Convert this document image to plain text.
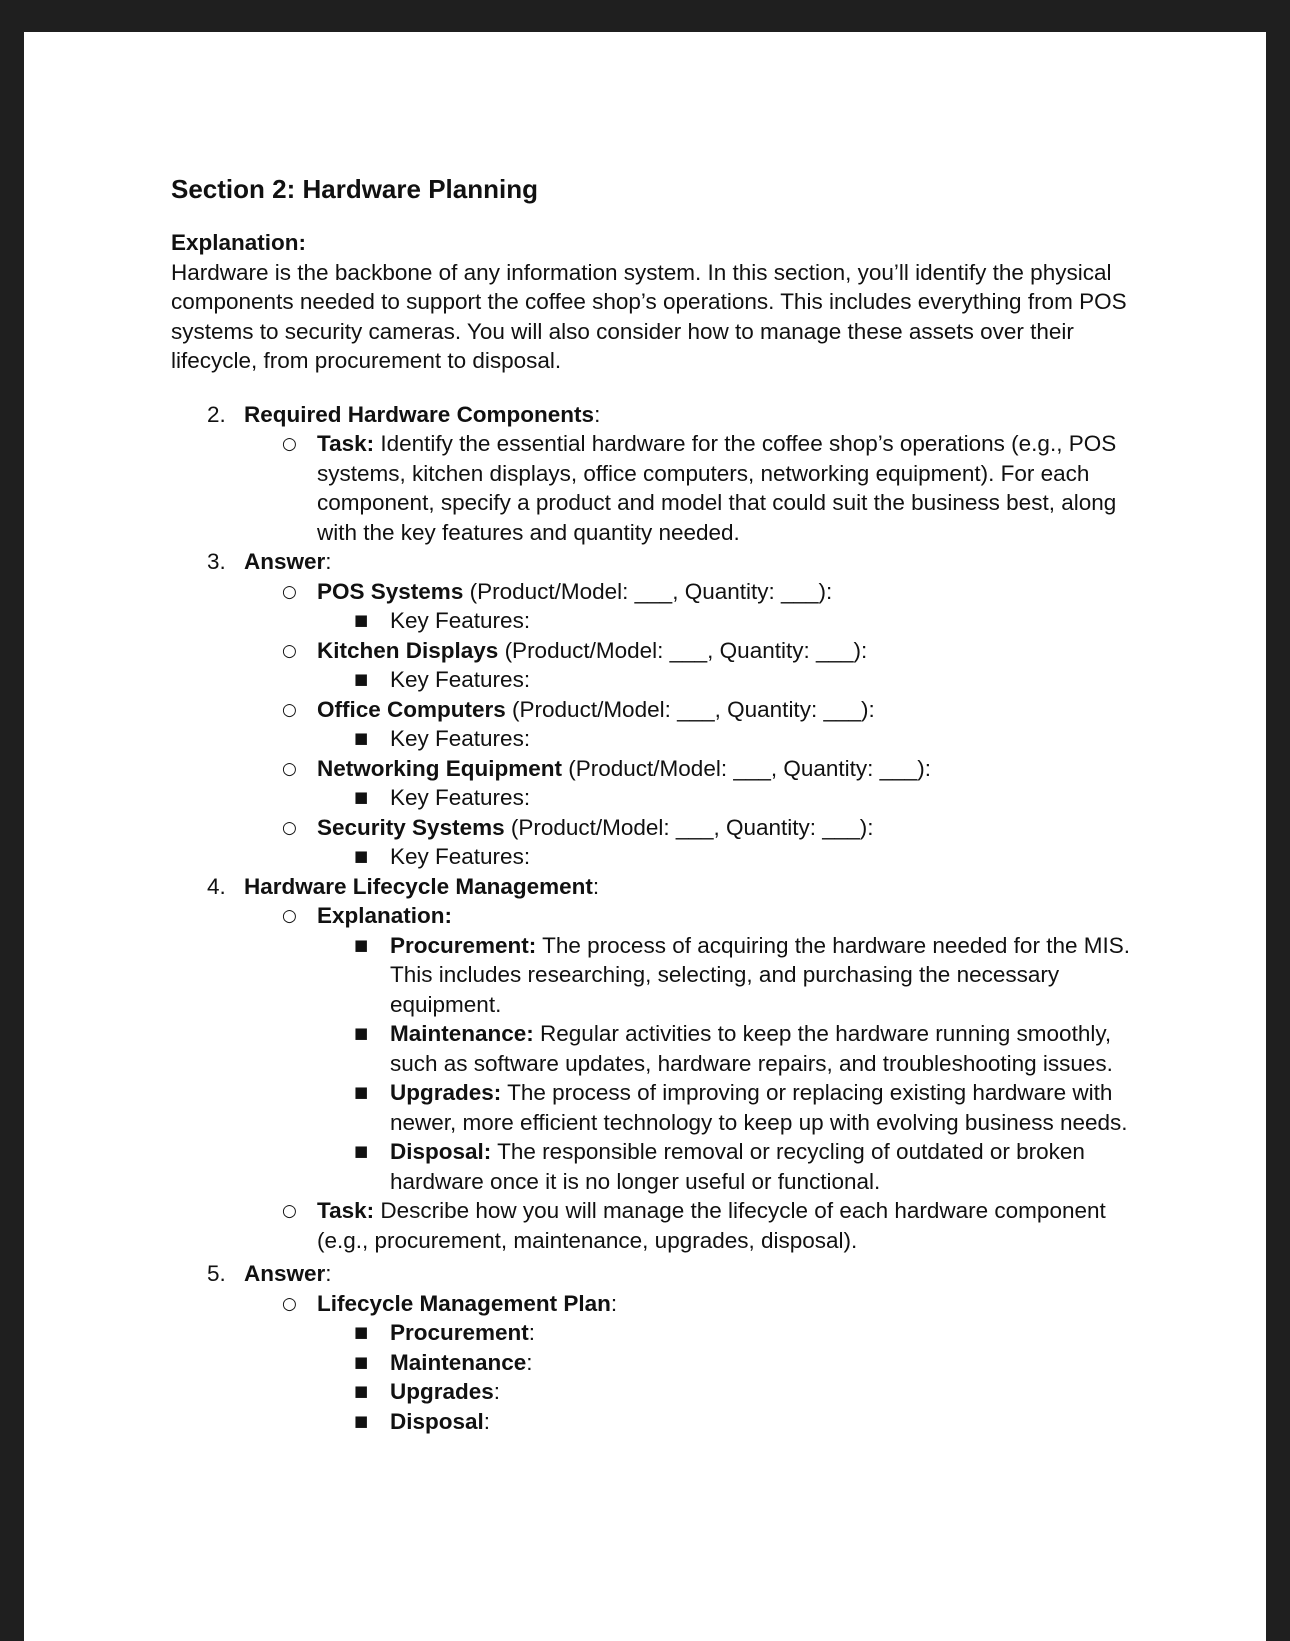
Section 2: Hardware Planning
Explanation:

Hardware is the backbone of any information system. In this section, you’ll identify the physical components needed to support the coffee shop’s operations. This includes everything from POS systems to security cameras. You will also consider how to manage these assets over their lifecycle, from procurement to disposal.

2. Required Hardware Components:
○ Task: Identify the essential hardware for the coffee shop’s operations (e.g., POS systems, kitchen displays, office computers, networking equipment). For each component, specify a product and model that could suit the business best, along with the key features and quantity needed.
3. Answer:
○ POS Systems (Product/Model: ___, Quantity: ___):
■ Key Features:
○ Kitchen Displays (Product/Model: ___, Quantity: ___):
■ Key Features:
○ Office Computers (Product/Model: ___, Quantity: ___):
■ Key Features:
○ Networking Equipment (Product/Model: ___, Quantity: ___):
■ Key Features:
○ Security Systems (Product/Model: ___, Quantity: ___):
■ Key Features:
4. Hardware Lifecycle Management:
○ Explanation:
■ Procurement: The process of acquiring the hardware needed for the MIS. This includes researching, selecting, and purchasing the necessary equipment.
■ Maintenance: Regular activities to keep the hardware running smoothly, such as software updates, hardware repairs, and troubleshooting issues.
■ Upgrades: The process of improving or replacing existing hardware with newer, more efficient technology to keep up with evolving business needs.
■ Disposal: The responsible removal or recycling of outdated or broken hardware once it is no longer useful or functional.
○ Task: Describe how you will manage the lifecycle of each hardware component (e.g., procurement, maintenance, upgrades, disposal).
5. Answer:
○ Lifecycle Management Plan:
■ Procurement:
■ Maintenance:
■ Upgrades:
■ Disposal:
